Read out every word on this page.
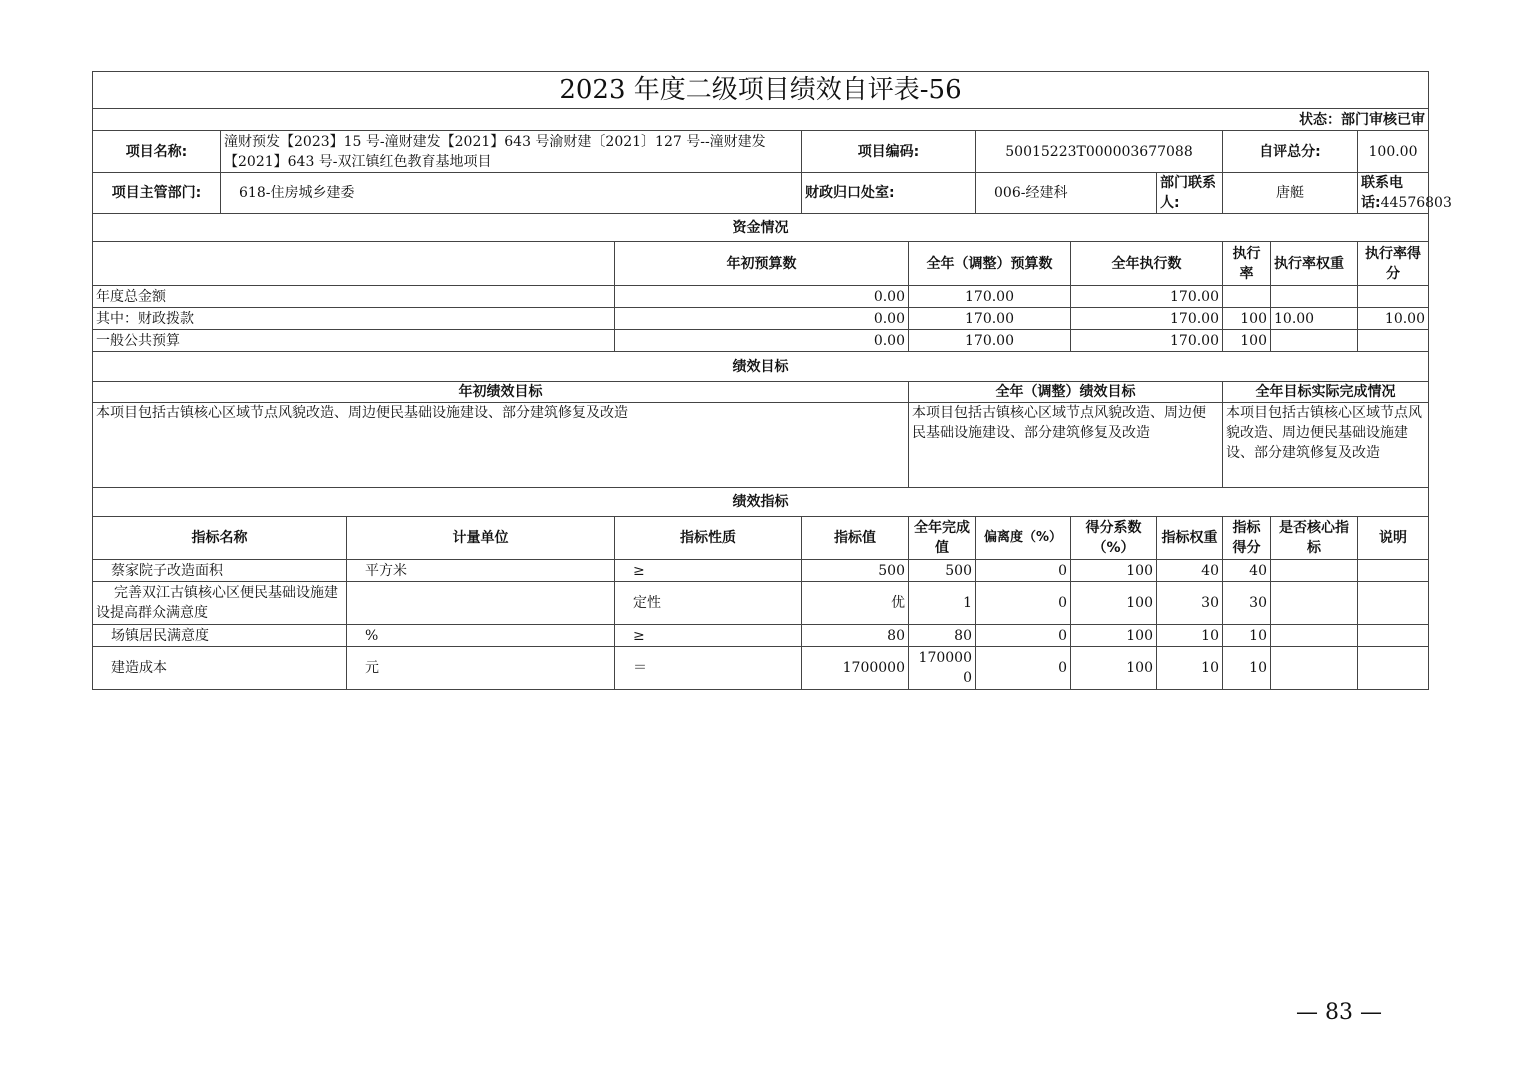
2023 年度二级项目绩效自评表-56											
状态：部门审核已审											
项目名称:	潼财预发【2023】15 号-潼财建发【2021】643 号渝财建〔2021〕127 号--潼财建发【2021】643 号-双江镇红色教育基地项目			项目编码:		50015223T000003677088			自评总分:		100.00
项目主管部门:	618-住房城乡建委			财政归口处室:		006-经建科		部门联系人:	唐艇		联系电话:44576803
资金情况											
			年初预算数		全年（调整）预算数		全年执行数		执行率	执行率权重	执行率得分
年度总金额			0.00		170.00		170.00				
其中：财政拨款			0.00		170.00		170.00		100	10.00	10.00
一般公共预算			0.00		170.00		170.00		100		
绩效目标											
年初绩效目标					全年（调整）绩效目标				全年目标实际完成情况		
本项目包括古镇核心区域节点风貌改造、周边便民基础设施建设、部分建筑修复及改造					本项目包括古镇核心区域节点风貌改造、周边便民基础设施建设、部分建筑修复及改造				本项目包括古镇核心区域节点风貌改造、周边便民基础设施建设、部分建筑修复及改造		
绩效指标											
指标名称		计量单位	指标性质	指标值	全年完成值	偏离度（%）	得分系数（%）	指标权重	指标得分	是否核心指标	说明
蔡家院子改造面积		平方米	≥	500	500	0	100	40	40		
完善双江古镇核心区便民基础设施建设提高群众满意度			定性	优	1	0	100	30	30		
场镇居民满意度		%	≥	80	80	0	100	10	10		
建造成本		元	＝	1700000	1700000	0	100	10	10		
— 83 —
